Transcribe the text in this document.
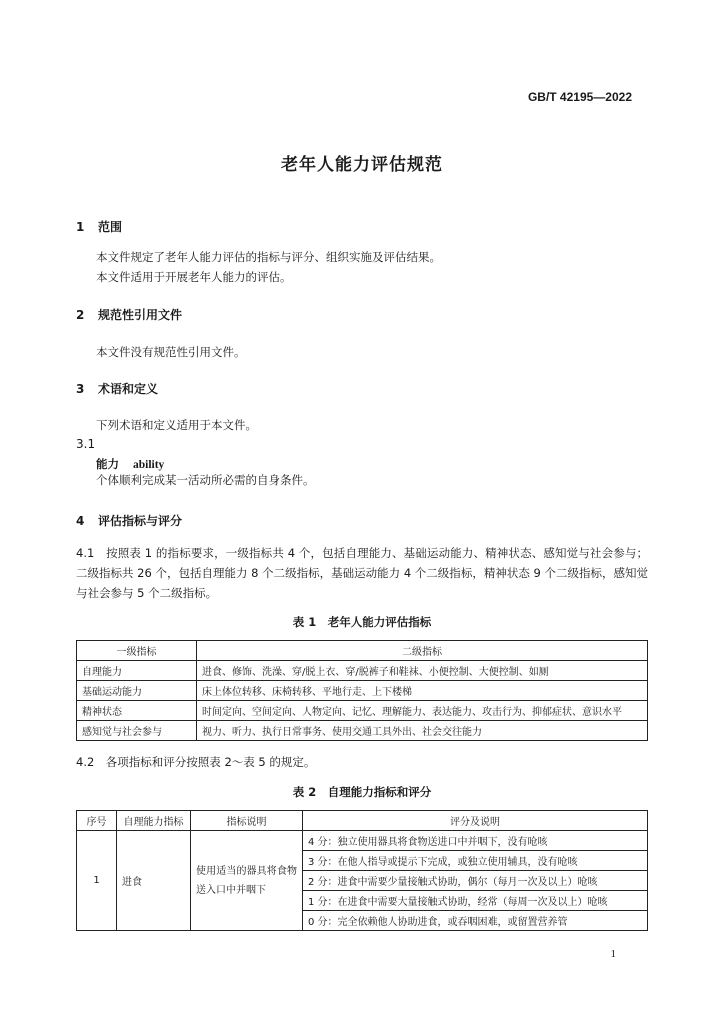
GB/T 42195—2022
老年人能力评估规范
1 范围
本文件规定了老年人能力评估的指标与评分、组织实施及评估结果。
本文件适用于开展老年人能力的评估。
2 规范性引用文件
本文件没有规范性引用文件。
3 术语和定义
下列术语和定义适用于本文件。
3.1
能力 ability
个体顺利完成某一活动所必需的自身条件。
4 评估指标与评分
4.1　按照表 1 的指标要求，一级指标共 4 个，包括自理能力、基础运动能力、精神状态、感知觉与社会参与；二级指标共 26 个，包括自理能力 8 个二级指标，基础运动能力 4 个二级指标，精神状态 9 个二级指标，感知觉与社会参与 5 个二级指标。
表 1　老年人能力评估指标
一级指标	二级指标
自理能力	进食、修饰、洗澡、穿/脱上衣、穿/脱裤子和鞋袜、小便控制、大便控制、如厕
基础运动能力	床上体位转移、床椅转移、平地行走、上下楼梯
精神状态	时间定向、空间定向、人物定向、记忆、理解能力、表达能力、攻击行为、抑郁症状、意识水平
感知觉与社会参与	视力、听力、执行日常事务、使用交通工具外出、社会交往能力
4.2　各项指标和评分按照表 2～表 5 的规定。
表 2　自理能力指标和评分
序号	自理能力指标	指标说明	评分及说明
1	进食	使用适当的器具将食物送入口中并咽下	4 分：独立使用器具将食物送进口中并咽下，没有呛咳
			3 分：在他人指导或提示下完成，或独立使用辅具，没有呛咳
			2 分：进食中需要少量接触式协助，偶尔（每月一次及以上）呛咳
			1 分：在进食中需要大量接触式协助，经常（每周一次及以上）呛咳
			0 分：完全依赖他人协助进食，或吞咽困难，或留置营养管
1
